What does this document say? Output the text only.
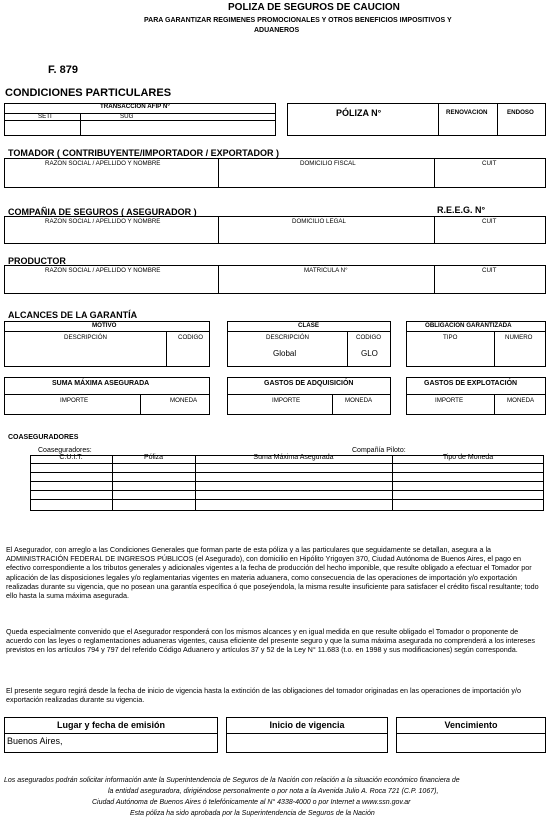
POLIZA DE SEGUROS DE CAUCION
PARA GARANTIZAR REGIMENES PROMOCIONALES Y OTROS BENEFICIOS IMPOSITIVOS Y
ADUANEROS
F. 879
CONDICIONES PARTICULARES
TRANSACCION AFIP N°
SETI	SUG	PÓLIZA N°	RENOVACION	ENDOSO
TOMADOR ( CONTRIBUYENTE/IMPORTADOR / EXPORTADOR )
RAZON SOCIAL / APELLIDO Y NOMBRE	DOMICILIO FISCAL	CUIT
COMPAÑIA DE SEGUROS ( ASEGURADOR )	R.E.E.G. N°
RAZON SOCIAL / APELLIDO Y NOMBRE	DOMICILIO LEGAL	CUIT
PRODUCTOR
RAZON SOCIAL / APELLIDO Y NOMBRE	MATRICULA N°	CUIT
ALCANCES DE LA GARANTÍA
MOTIVO
DESCRIPCIÓN	CODIGO
CLASE
DESCRIPCIÓN	CODIGO
Global	GLO
OBLIGACIÓN GARANTIZADA
TIPO	NUMERO
SUMA MÁXIMA ASEGURADA
IMPORTE	MONEDA
GASTOS DE ADQUISICIÓN
IMPORTE	MONEDA
GASTOS DE EXPLOTACIÓN
IMPORTE	MONEDA
COASEGURADORES
Coaseguradores:	Compañía Piloto:
C.U.I.T.	Póliza	Suma Máxima Asegurada	Tipo de Moneda
El Asegurador, con arreglo a las Condiciones Generales que forman parte de esta póliza y a las particulares que seguidamente se detallan, asegura a la ADMINISTRACIÓN FEDERAL DE INGRESOS PÚBLICOS (el Asegurado), con domicilio en Hipólito Yrigoyen 370, Ciudad Autónoma de Buenos Aires, el pago en efectivo correspondiente a los tributos generales y adicionales vigentes a la fecha de producción del hecho imponible, que resulte obligado a efectuar el Tomador por aplicación de las disposiciones legales y/o reglamentarias vigentes en materia aduanera, como consecuencia de las operaciones de importación y/o exportación realizadas durante su vigencia, que no posean una garantía específica ó que poseýendola, la misma resulte insuficiente para satisfacer el crédito fiscal resultante; todo ello hasta la suma máxima asegurada.
Queda especialmente convenido que el Asegurador responderá con los mismos alcances y en igual medida en que resulte obligado el Tomador o proponente de acuerdo con las leyes o reglamentaciones aduaneras vigentes, causa eficiente del presente seguro y que la suma máxima asegurada no comprenderá a los intereses previstos en los artículos 794 y 797 del referido Código Aduanero y artículos 37 y 52 de la Ley N° 11.683 (t.o. en 1998 y sus modificaciones) según corresponda.
El presente seguro regirá desde la fecha de inicio de vigencia hasta la extinción de las obligaciones del tomador originadas en las operaciones de importación y/o exportación realizadas durante su vigencia.
Lugar y fecha de emisión
Buenos Aires,
Inicio de vigencia	Vencimiento
Los asegurados podrán solicitar información ante la Superintendencia de Seguros de la Nación con relación a la situación económico financiera de
la entidad aseguradora, dirigiéndose personalmente o por nota a la Avenida Julio A. Roca 721 (C.P. 1067),
Ciudad Autónoma de Buenos Aires ó telefónicamente al N° 4338-4000 o por Internet a www.ssn.gov.ar
Esta póliza ha sido aprobada por la Superintendencia de Seguros de la Nación
